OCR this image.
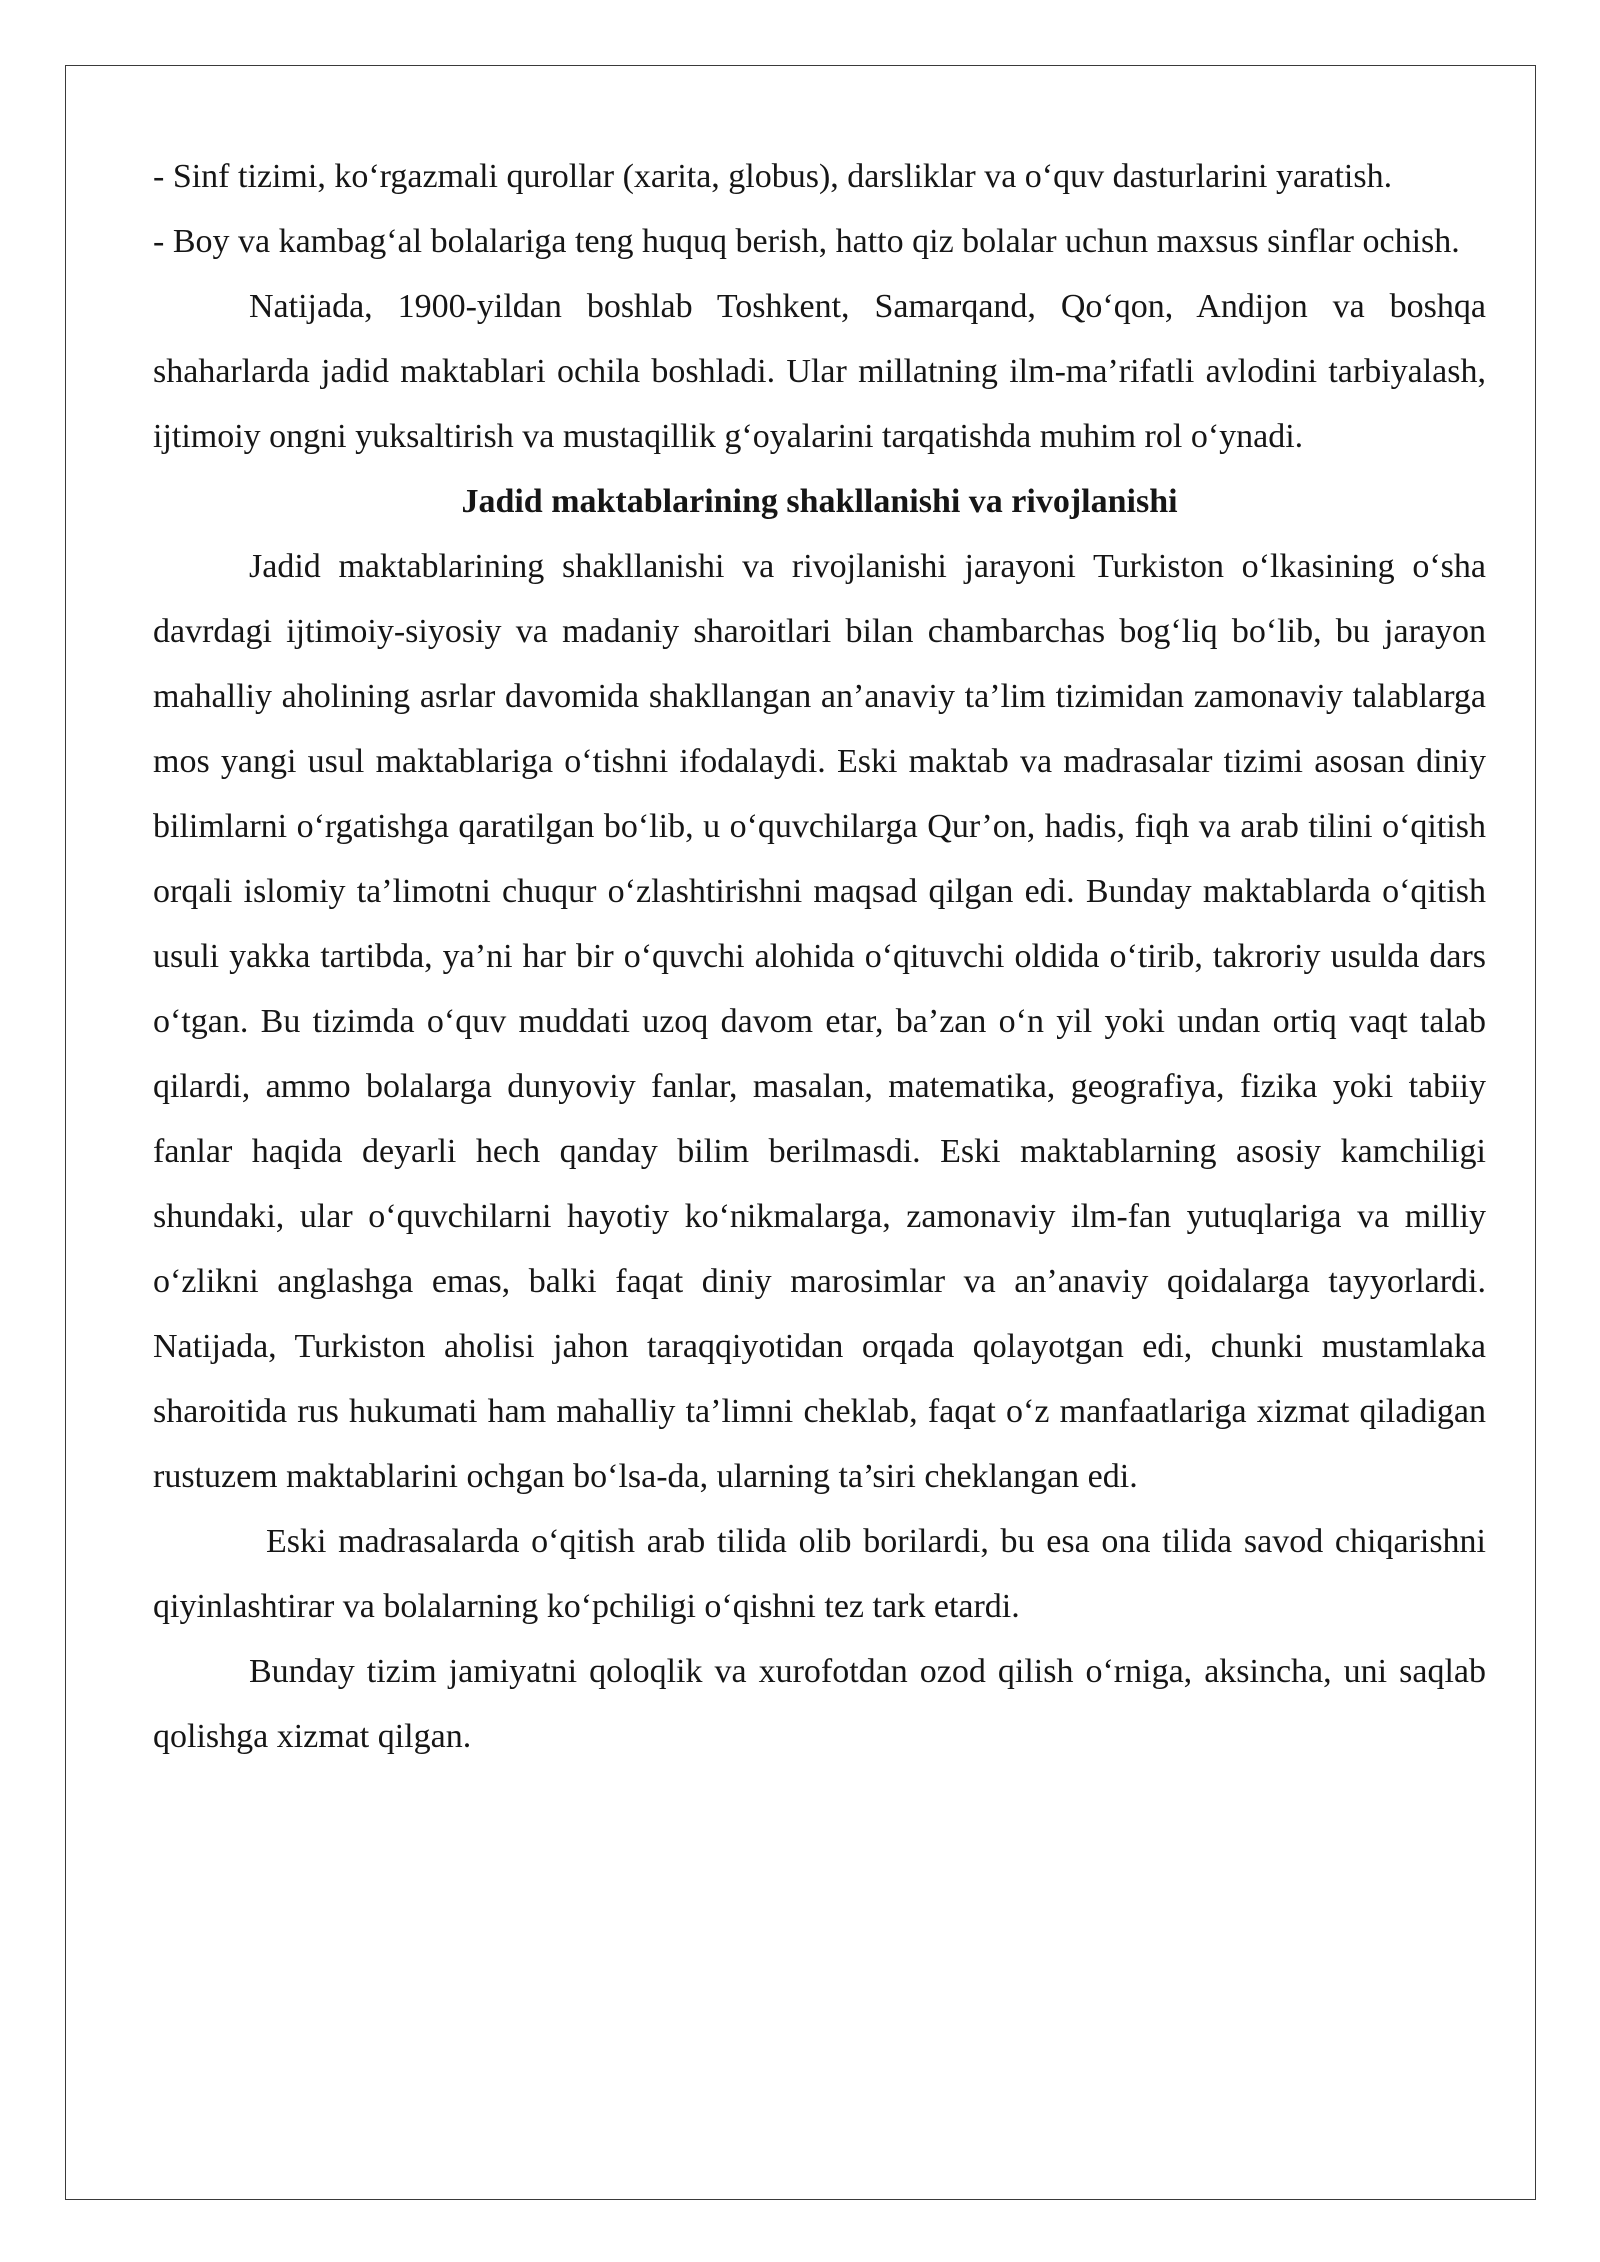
- Sinf tizimi, ko‘rgazmali qurollar (xarita, globus), darsliklar va o‘quv dasturlarini yaratish.

- Boy va kambag‘al bolalariga teng huquq berish, hatto qiz bolalar uchun maxsus sinflar ochish.

Natijada, 1900-yildan boshlab Toshkent, Samarqand, Qo‘qon, Andijon va boshqa shaharlarda jadid maktablari ochila boshladi. Ular millatning ilm-ma’rifatli avlodini tarbiyalash, ijtimoiy ongni yuksaltirish va mustaqillik g‘oyalarini tarqatishda muhim rol o‘ynadi.

Jadid maktablarining shakllanishi va rivojlanishi

Jadid maktablarining shakllanishi va rivojlanishi jarayoni Turkiston o‘lkasining o‘sha davrdagi ijtimoiy-siyosiy va madaniy sharoitlari bilan chambarchas bog‘liq bo‘lib, bu jarayon mahalliy aholining asrlar davomida shakllangan an’anaviy ta’lim tizimidan zamonaviy talablarga mos yangi usul maktablariga o‘tishni ifodalaydi. Eski maktab va madrasalar tizimi asosan diniy bilimlarni o‘rgatishga qaratilgan bo‘lib, u o‘quvchilarga Qur’on, hadis, fiqh va arab tilini o‘qitish orqali islomiy ta’limotni chuqur o‘zlashtirishni maqsad qilgan edi. Bunday maktablarda o‘qitish usuli yakka tartibda, ya’ni har bir o‘quvchi alohida o‘qituvchi oldida o‘tirib, takroriy usulda dars o‘tgan. Bu tizimda o‘quv muddati uzoq davom etar, ba’zan o‘n yil yoki undan ortiq vaqt talab qilardi, ammo bolalarga dunyoviy fanlar, masalan, matematika, geografiya, fizika yoki tabiiy fanlar haqida deyarli hech qanday bilim berilmasdi. Eski maktablarning asosiy kamchiligi shundaki, ular o‘quvchilarni hayotiy ko‘nikmalarga, zamonaviy ilm-fan yutuqlariga va milliy o‘zlikni anglashga emas, balki faqat diniy marosimlar va an’anaviy qoidalarga tayyorlardi. Natijada, Turkiston aholisi jahon taraqqiyotidan orqada qolayotgan edi, chunki mustamlaka sharoitida rus hukumati ham mahalliy ta’limni cheklab, faqat o‘z manfaatlariga xizmat qiladigan rustuzem maktablarini ochgan bo‘lsa-da, ularning ta’siri cheklangan edi.

Eski madrasalarda o‘qitish arab tilida olib borilardi, bu esa ona tilida savod chiqarishni qiyinlashtirar va bolalarning ko‘pchiligi o‘qishni tez tark etardi.

Bunday tizim jamiyatni qoloqlik va xurofotdan ozod qilish o‘rniga, aksincha, uni saqlab qolishga xizmat qilgan.
